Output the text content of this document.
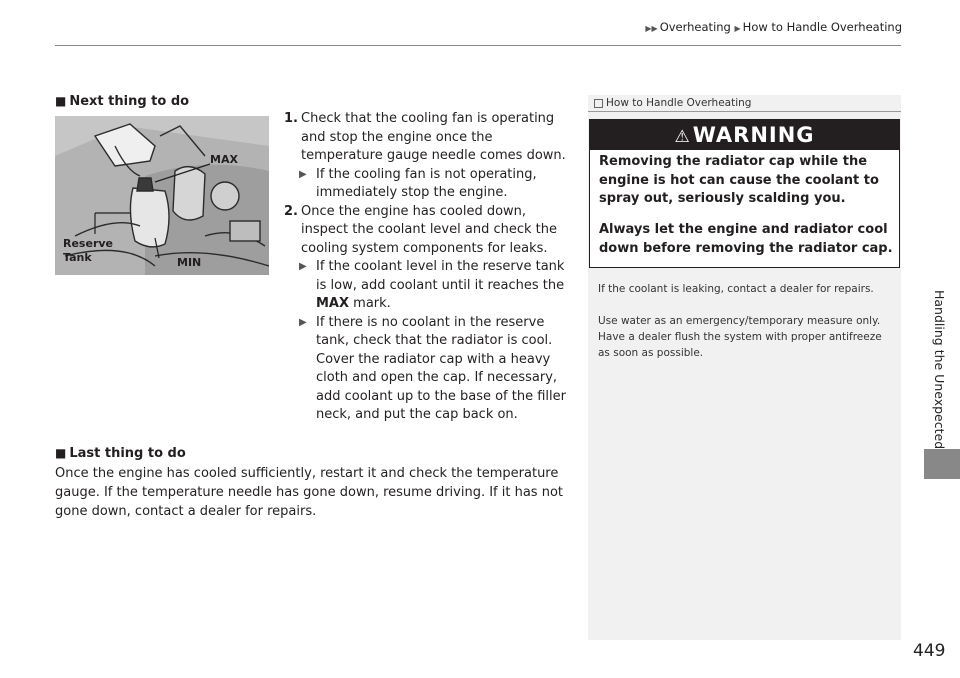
▶▶ Overheating ▶ How to Handle Overheating
Handling the Unexpected
■ Next thing to do
MAX
MIN
Reserve
Tank
1. Check that the cooling fan is operating and stop the engine once the temperature gauge needle comes down.
▶ If the cooling fan is not operating, immediately stop the engine.
2. Once the engine has cooled down, inspect the coolant level and check the cooling system components for leaks.
▶ If the coolant level in the reserve tank is low, add coolant until it reaches the MAX mark.
▶ If there is no coolant in the reserve tank, check that the radiator is cool. Cover the radiator cap with a heavy cloth and open the cap. If necessary, add coolant up to the base of the filler neck, and put the cap back on.
■ Last thing to do
Once the engine has cooled sufficiently, restart it and check the temperature gauge. If the temperature needle has gone down, resume driving. If it has not gone down, contact a dealer for repairs.
How to Handle Overheating
⚠WARNING
Removing the radiator cap while the engine is hot can cause the coolant to spray out, seriously scalding you.
Always let the engine and radiator cool down before removing the radiator cap.
If the coolant is leaking, contact a dealer for repairs.
Use water as an emergency/temporary measure only. Have a dealer flush the system with proper antifreeze as soon as possible.
449
